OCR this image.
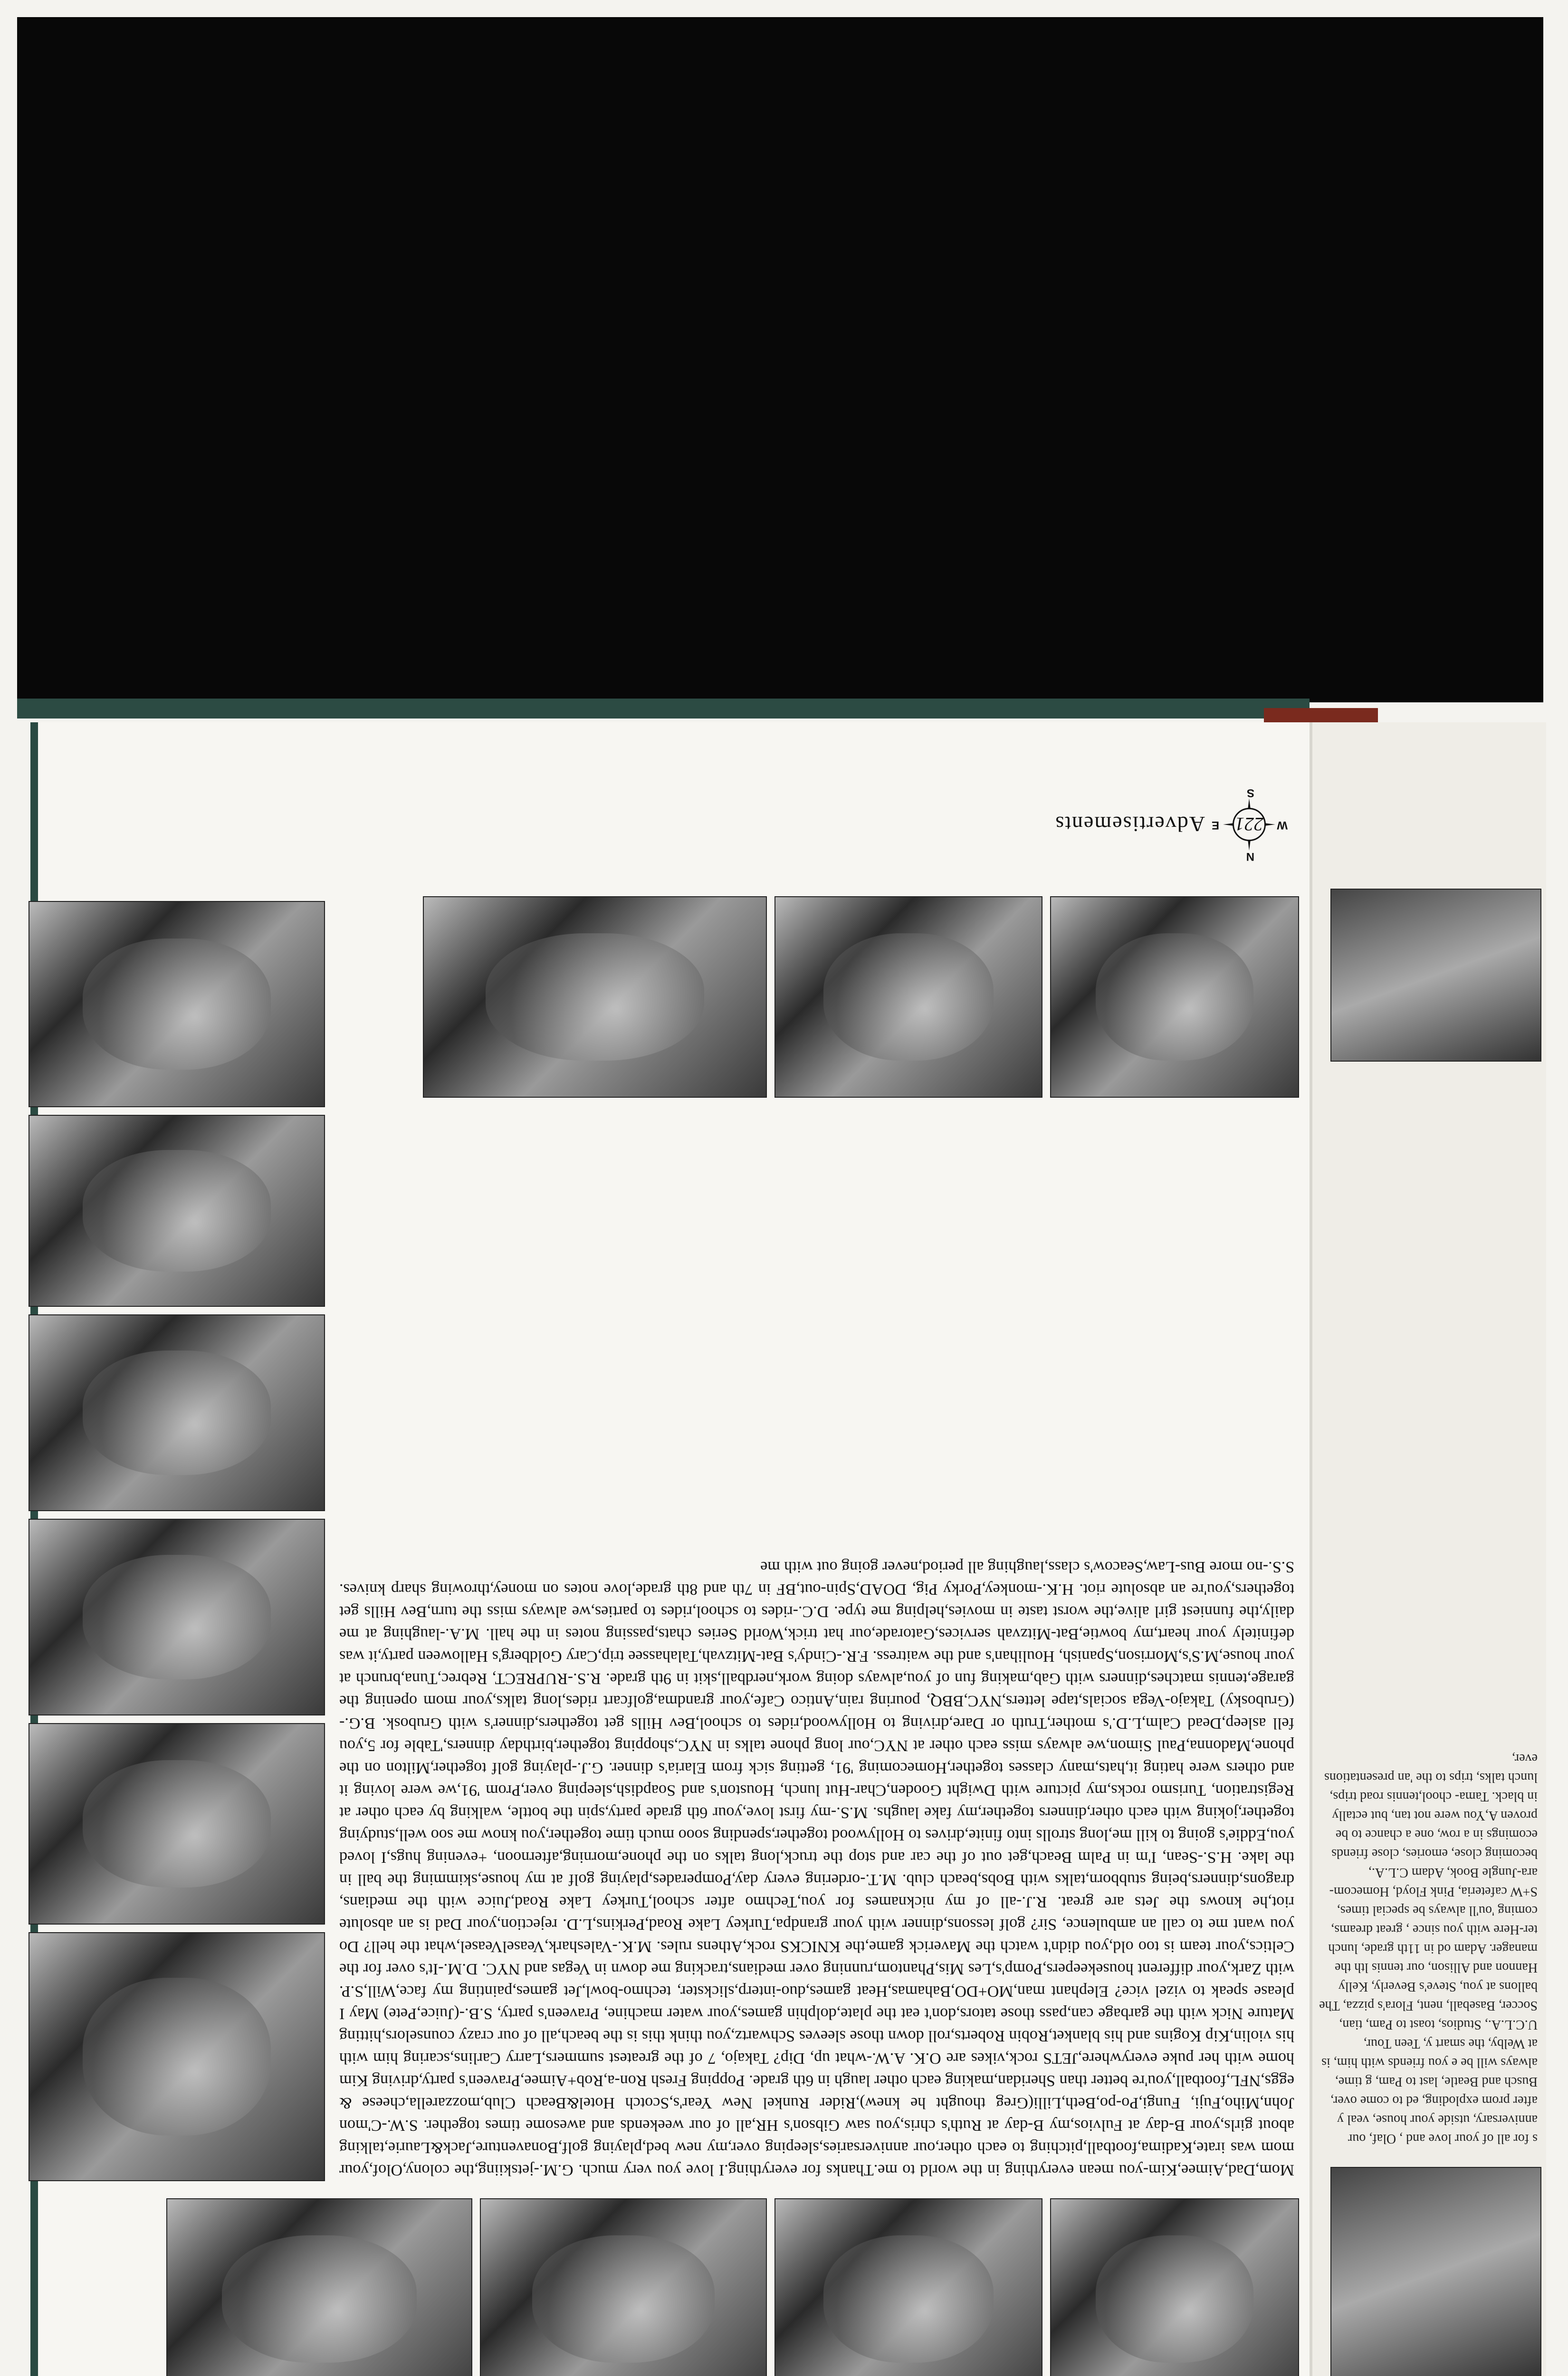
Mom,Dad,Aimee,Kim-you mean everything in the world to me.Thanks for everything.I love you very much. G.M.-jetskiing,the colony,Olof,your mom was irate,Kadima,football,pitching to each other,our anniversaries,sleeping over,my new bed,playing golf,Bonaventure,Jack&Laurie,talking about girls,your B-day at Fulvios,my B-day at Ruth's chris,you saw Gibson's HR,all of our weekends and awesome times together. S.W.-C'mon John,Miho,Fuji, Fungi,Po-po,Beth,Lilli(Greg thought he knew),Rider Runkel New Year's,Scotch Hotel&Beach Club,mozzarella,cheese & eggs,NFL,football,you're better than Sheridan,making each other laugh in 6th grade. Popping Fresh Ron-a,Rob+Aimee,Praveen's party,driving Kim home with her puke everywhere,JETS rock,vikes are O.K. A.W.-what up, Dip? Takajo, 7 of the greatest summers,Larry Carlins,scaring him with his violin,Kip Kogins and his blanket,Robin Roberts,roll down those sleeves Schwartz,you think this is the beach,all of our crazy counselors,hitting Mature Nick with the garbage can,pass those tators,don't eat the plate,dolphin games,your water machine, Praveen's party, S.B.-(Juice,Pete) May I please speak to vizel vice? Elephant man,MO+DO,Bahamas,Heat games,duo-interp,slickster, techmo-bowl,Jet games,painting my face,Will,S.P. with Zark,your different housekeepers,Pomp's,Les Mis,Phantom,running over medians,tracking me down in Vegas and NYC. D.M.-It's over for the Celtics,your team is too old,you didn't watch the Maverick game,the KNICKS rock,Athens rules. M.K.-Valeshark,VeaselVeasel,what the hell? Do you want me to call an ambulence, Sir? golf lessons,dinner with your grandpa,Turkey Lake Road,Perkins,L.D. rejection,your Dad is an absolute riot,he knows the Jets are great. R.J.-all of my nicknames for you,Techmo after school,Turkey Lake Road,Juice with the medians, dragons,dinners,being stubborn,talks with Bobs,beach club. M.T.-ordering every day,Pomperades,playing golf at my house,skimming the ball in the lake. H.S.-Sean, I'm in Palm Beach,get out of the car and stop the truck,long talks on the phone,morning,afternoon, +evening hugs,I loved you,Eddie's going to kill me,long strolls into finite,drives to Hollywood together,spending sooo much time together,you know me soo well,studying together,joking with each other,dinners together,my fake laughs. M.S.-my first love,your 6th grade party,spin the bottle, walking by each other at Registration, Turismo rocks,my picture with Dwight Gooden,Char-Hut lunch, Houston's and Soapdish,sleeping over,Prom '91,we were loving it and others were hating it,hats,many classes together,Homecoming '91, getting sick from Elaria's dinner. G.J.-playing golf together,Milton on the phone,Madonna,Paul Simon,we always miss each other at NYC,our long phone talks in NYC,shopping together,birthday dinners,'Table for 5,you fell asleep,Dead Calm,L.D.'s mother,Truth or Dare,driving to Hollywood,rides to school,Bev Hills get togethers,dinner's with Grubosk. B.G.-(Grubosky) Takajo-Vega socials,tape letters,NYC,BBQ, pouring rain,Antico Cafe,your grandma,golfcart rides,long talks,your mom opening the garage,tennis matches,dinners with Gab,making fun of you,always doing work,nerdball,skit in 9th grade. R.S.-RUPRECT, Rebrec,Tuna,brunch at your house,M.S's,Morrison,Spanish, Houlihan's and the waitress. F.R.-Cindy's Bat-Mitzvah,Talahassee trip,Cary Goldberg's Halloween party,it was definitely your heart,my bowtie,Bat-Mitzvah services,Gatorade,our hat trick,World Series chats,passing notes in the hall. M.A.-laughing at me daily,the funniest girl alive,the worst taste in movies,helping me type. D.C.-rides to school,rides to parties,we always miss the turn,Bev Hills get togethers,you're an absolute riot. H.K.-monkey,Porky Pig, DOAD,Spin-out,BF in 7th and 8th grade,love notes on money,throwing sharp knives. S.S.-no more Bus-Law,Seacow's class,laughing all period,never going out with me
N
S
E	W
221
Advertisements
s for all of your love and , Olaf, our anniversary, utside your house, veal y after prom exploding, ed to come over, Busch and Beatle, last to Pam, g time, always will be e you friends with him, is at Welby, the smart y, Teen Tour, U.C.L.A., Studios, toast to Pam, tian, Soccer, Baseball, nent, Flora's pizza, The ballons at you, Steve's Beverly, Kelly Hannon and Allison, our tennis lth the manager. Adam od in 11th grade, lunch ter-Here with you since , great dreams, coming 'ou'll always be special times, S+W cafeteria, Pink Floyd, Homecom- ara-Jungle Book, Adam C.L.A., becoming close, emories, close friends ecomings in a row, one a chance to be proven A,You were not tan, but ectally in black. Tama- chool,tennis road trips, lunch talks, trips to the 'an presentations ever,
